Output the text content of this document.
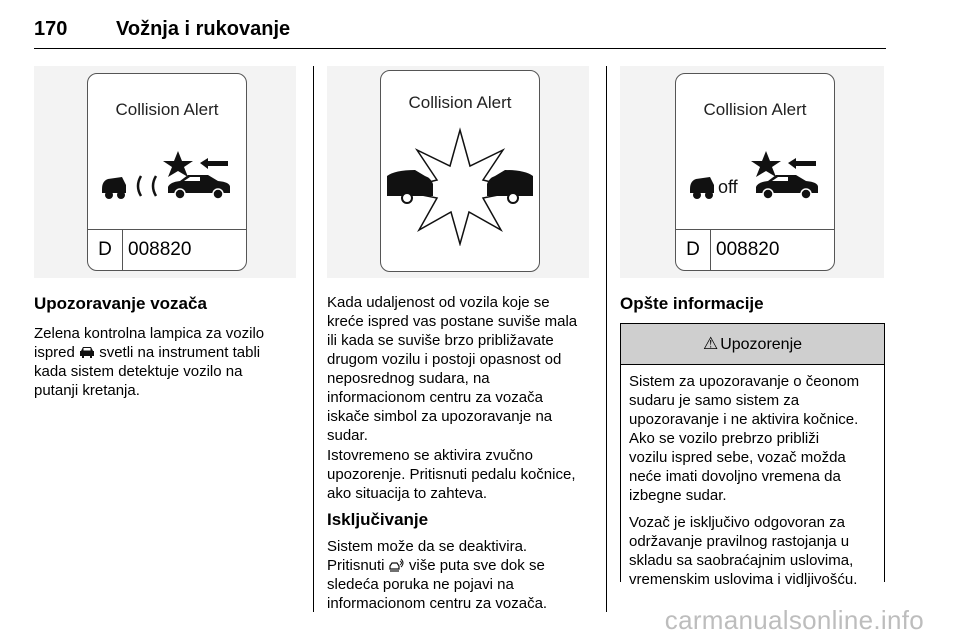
170 Vožnja i rukovanje
Collision Alert
D 008820
Collision Alert	Collision Alert
off
D 008820
Upozoravanje vozača
Zelena kontrolna lampica za vozilo
ispred svetli na instrument tabli
kada sistem detektuje vozilo na
putanji kretanja.
Kada udaljenost od vozila koje se
kreće ispred vas postane suviše mala
ili kada se suviše brzo približavate
drugom vozilu i postoji opasnost od
neposrednog sudara, na
informacionom centru za vozača
iskače simbol za upozoravanje na
sudar.
Istovremeno se aktivira zvučno
upozorenje. Pritisnuti pedalu kočnice,
ako situacija to zahteva.
Isključivanje
Sistem može da se deaktivira.
Pritisnuti više puta sve dok se
sledeća poruka ne pojavi na
informacionom centru za vozača.
Opšte informacije
⚠ Upozorenje

Sistem za upozoravanje o čeonom
sudaru je samo sistem za
upozoravanje i ne aktivira kočnice.
Ako se vozilo prebrzo približi
vozilu ispred sebe, vozač možda
neće imati dovoljno vremena da
izbegne sudar.

Vozač je isključivo odgovoran za
održavanje pravilnog rastojanja u
skladu sa saobraćajnim uslovima,
vremenskim uslovima i vidljivošću.

carmanualsonline.info
